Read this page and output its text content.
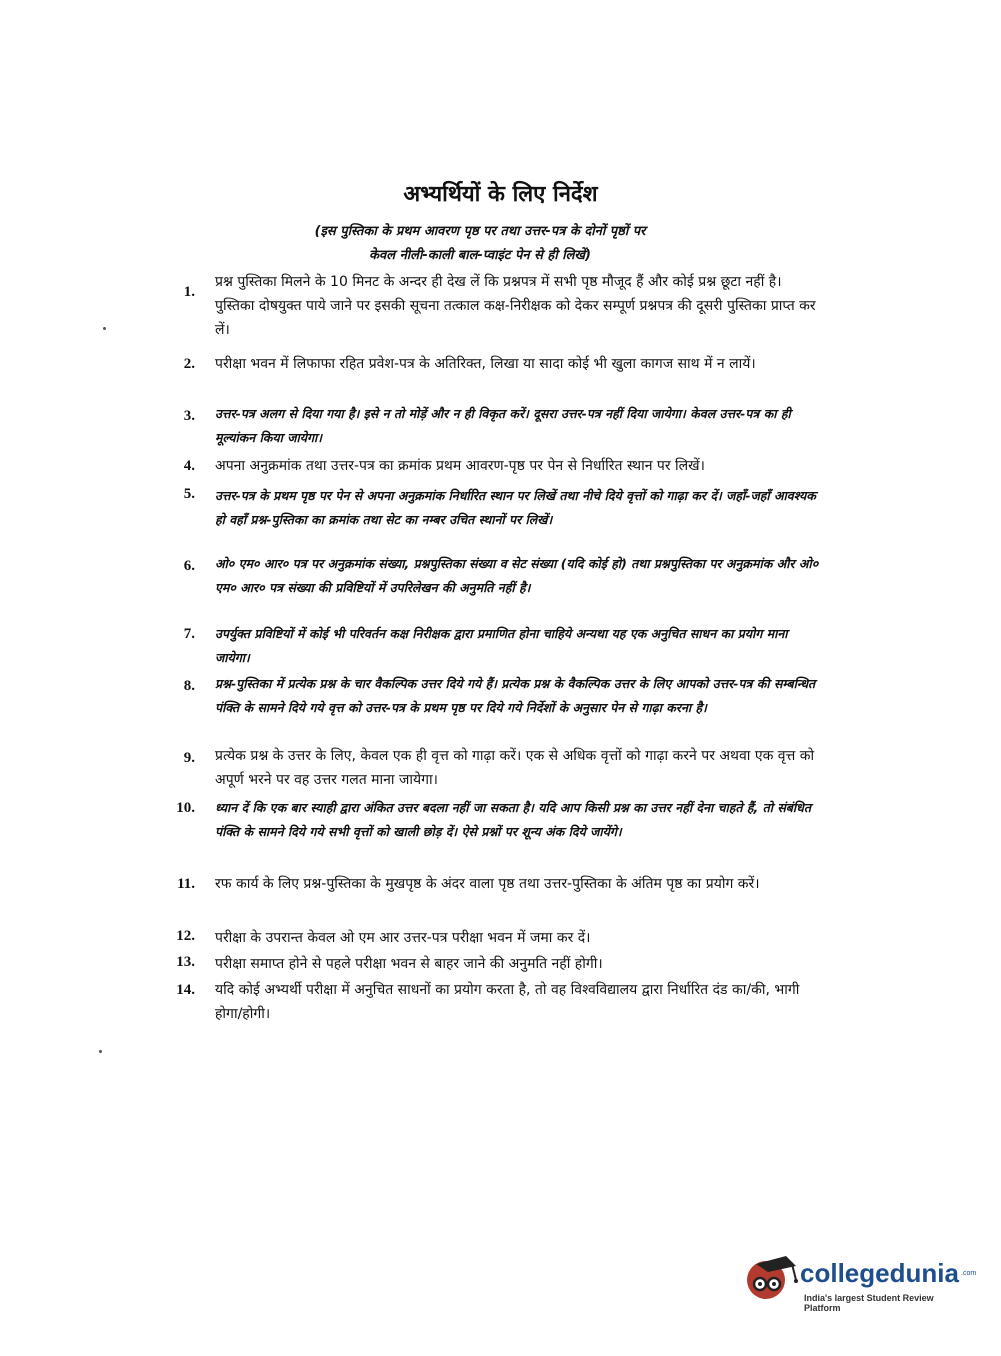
अभ्यर्थियों के लिए निर्देश
(इस पुस्तिका के प्रथम आवरण पृष्ठ पर तथा उत्तर-पत्र के दोनों पृष्ठों पर
केवल नीली-काली बाल-प्वाइंट पेन से ही लिखें)
1.
प्रश्न पुस्तिका मिलने के 10 मिनट के अन्दर ही देख लें कि प्रश्नपत्र में सभी पृष्ठ मौजूद हैं और कोई प्रश्न छूटा नहीं है। पुस्तिका दोषयुक्त पाये जाने पर इसकी सूचना तत्काल कक्ष-निरीक्षक को देकर सम्पूर्ण प्रश्नपत्र की दूसरी पुस्तिका प्राप्त कर लें।
2. परीक्षा भवन में लिफाफा रहित प्रवेश-पत्र के अतिरिक्त, लिखा या सादा कोई भी खुला कागज साथ में न लायें।
3. उत्तर-पत्र अलग से दिया गया है। इसे न तो मोड़ें और न ही विकृत करें। दूसरा उत्तर-पत्र नहीं दिया जायेगा। केवल उत्तर-पत्र का ही मूल्यांकन किया जायेगा।
4. अपना अनुक्रमांक तथा उत्तर-पत्र का क्रमांक प्रथम आवरण-पृष्ठ पर पेन से निर्धारित स्थान पर लिखें।
5. उत्तर-पत्र के प्रथम पृष्ठ पर पेन से अपना अनुक्रमांक निर्धारित स्थान पर लिखें तथा नीचे दिये वृत्तों को गाढ़ा कर दें। जहाँ-जहाँ आवश्यक हो वहाँ प्रश्न-पुस्तिका का क्रमांक तथा सेट का नम्बर उचित स्थानों पर लिखें।
6. ओ० एम० आर० पत्र पर अनुक्रमांक संख्या, प्रश्नपुस्तिका संख्या व सेट संख्या (यदि कोई हो) तथा प्रश्नपुस्तिका पर अनुक्रमांक और ओ० एम० आर० पत्र संख्या की प्रविष्टियों में उपरिलेखन की अनुमति नहीं है।
7. उपर्युक्त प्रविष्टियों में कोई भी परिवर्तन कक्ष निरीक्षक द्वारा प्रमाणित होना चाहिये अन्यथा यह एक अनुचित साधन का प्रयोग माना जायेगा।
8. प्रश्न-पुस्तिका में प्रत्येक प्रश्न के चार वैकल्पिक उत्तर दिये गये हैं। प्रत्येक प्रश्न के वैकल्पिक उत्तर के लिए आपको उत्तर-पत्र की सम्बन्धित पंक्ति के सामने दिये गये वृत्त को उत्तर-पत्र के प्रथम पृष्ठ पर दिये गये निर्देशों के अनुसार पेन से गाढ़ा करना है।
9. प्रत्येक प्रश्न के उत्तर के लिए, केवल एक ही वृत्त को गाढ़ा करें। एक से अधिक वृत्तों को गाढ़ा करने पर अथवा एक वृत्त को अपूर्ण भरने पर वह उत्तर गलत माना जायेगा।
10. ध्यान दें कि एक बार स्याही द्वारा अंकित उत्तर बदला नहीं जा सकता है। यदि आप किसी प्रश्न का उत्तर नहीं देना चाहते हैं, तो संबंधित पंक्ति के सामने दिये गये सभी वृत्तों को खाली छोड़ दें। ऐसे प्रश्नों पर शून्य अंक दिये जायेंगे।
11. रफ कार्य के लिए प्रश्न-पुस्तिका के मुखपृष्ठ के अंदर वाला पृष्ठ तथा उत्तर-पुस्तिका के अंतिम पृष्ठ का प्रयोग करें।
12. परीक्षा के उपरान्त केवल ओ एम आर उत्तर-पत्र परीक्षा भवन में जमा कर दें।
13. परीक्षा समाप्त होने से पहले परीक्षा भवन से बाहर जाने की अनुमति नहीं होगी।
14. यदि कोई अभ्यर्थी परीक्षा में अनुचित साधनों का प्रयोग करता है, तो वह विश्वविद्यालय द्वारा निर्धारित दंड का/की, भागी होगा/होगी।
collegedunia .com
India's largest Student Review Platform
